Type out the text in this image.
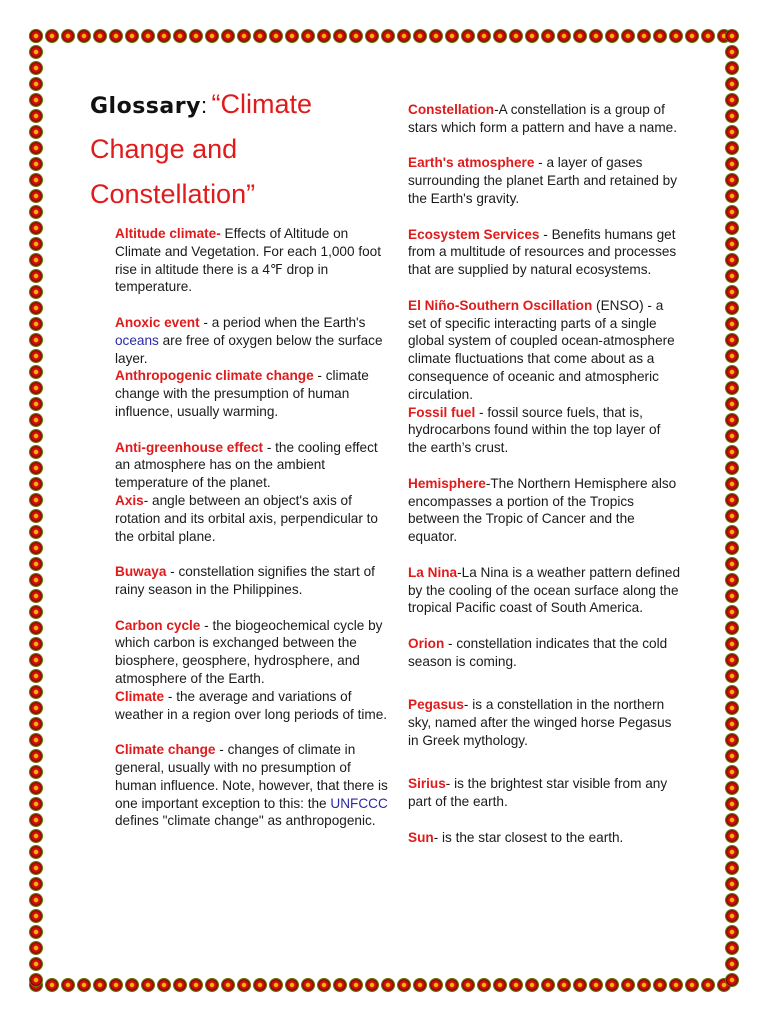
Glossary: “Climate
Change and
Constellation”

Altitude climate- Effects of Altitude on Climate and Vegetation. For each 1,000 foot rise in altitude there is a 4℉ drop in temperature.

Anoxic event - a period when the Earth's oceans are free of oxygen below the surface layer.

Anthropogenic climate change - climate change with the presumption of human influence, usually warming.

Anti-greenhouse effect - the cooling effect an atmosphere has on the ambient temperature of the planet.

Axis- angle between an object's axis of rotation and its orbital axis, perpendicular to the orbital plane.

Buwaya - constellation signifies the start of rainy season in the Philippines.

Carbon cycle - the biogeochemical cycle by which carbon is exchanged between the biosphere, geosphere, hydrosphere, and atmosphere of the Earth.

Climate - the average and variations of weather in a region over long periods of time.

Climate change - changes of climate in general, usually with no presumption of human influence. Note, however, that there is one important exception to this: the UNFCCC defines "climate change" as anthropogenic.

Constellation-A constellation is a group of stars which form a pattern and have a name.

Earth's atmosphere - a layer of gases surrounding the planet Earth and retained by the Earth's gravity.

Ecosystem Services - Benefits humans get from a multitude of resources and processes that are supplied by natural ecosystems.

El Niño-Southern Oscillation (ENSO) - a set of specific interacting parts of a single global system of coupled ocean-atmosphere climate fluctuations that come about as a consequence of oceanic and atmospheric circulation.

Fossil fuel - fossil source fuels, that is, hydrocarbons found within the top layer of the earth’s crust.

Hemisphere-The Northern Hemisphere also encompasses a portion of the Tropics between the Tropic of Cancer and the equator.

La Nina-La Nina is a weather pattern defined by the cooling of the ocean surface along the tropical Pacific coast of South America.

Orion - constellation indicates that the cold season is coming.

Pegasus- is a constellation in the northern sky, named after the winged horse Pegasus in Greek mythology.

Sirius- is the brightest star visible from any part of the earth.

Sun- is the star closest to the earth.
